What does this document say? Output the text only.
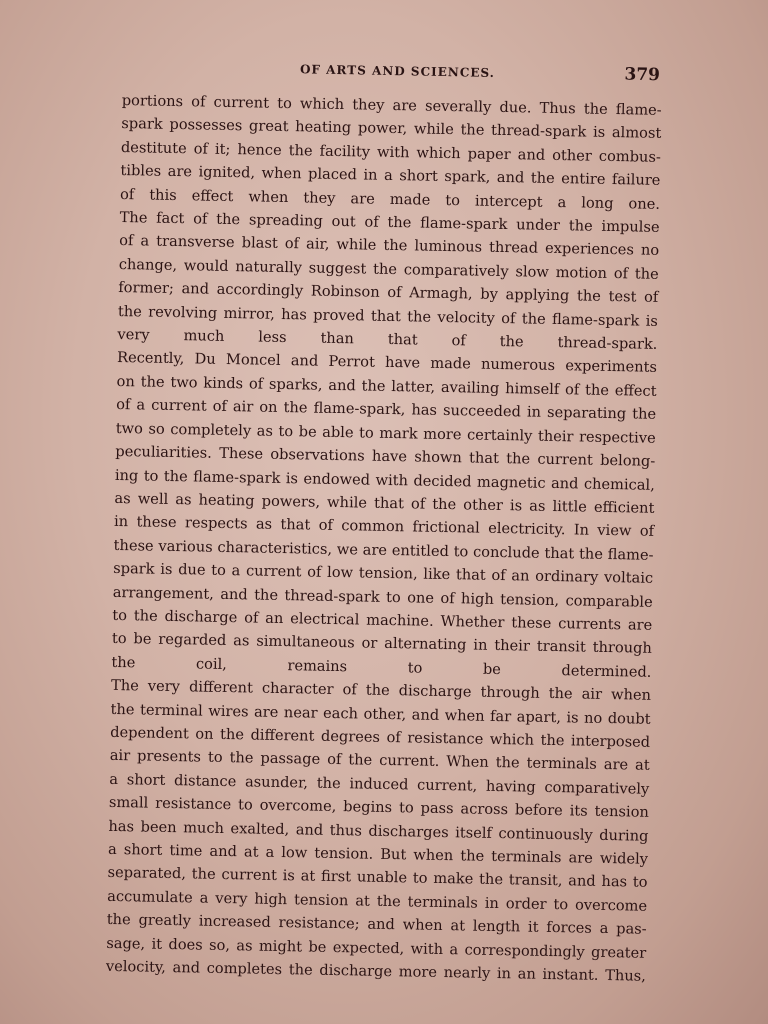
OF ARTS AND SCIENCES.	379

portions of current to which they are severally due. Thus the flame-
spark possesses great heating power, while the thread-spark is almost
destitute of it; hence the facility with which paper and other combus-
tibles are ignited, when placed in a short spark, and the entire failure
of this effect when they are made to intercept a long one.

The fact of the spreading out of the flame-spark under the impulse
of a transverse blast of air, while the luminous thread experiences no
change, would naturally suggest the comparatively slow motion of the
former; and accordingly Robinson of Armagh, by applying the test of
the revolving mirror, has proved that the velocity of the flame-spark is
very much less than that of the thread-spark.

Recently, Du Moncel and Perrot have made numerous experiments
on the two kinds of sparks, and the latter, availing himself of the effect
of a current of air on the flame-spark, has succeeded in separating the
two so completely as to be able to mark more certainly their respective
peculiarities. These observations have shown that the current belong-
ing to the flame-spark is endowed with decided magnetic and chemical,
as well as heating powers, while that of the other is as little efficient
in these respects as that of common frictional electricity. In view of
these various characteristics, we are entitled to conclude that the flame-
spark is due to a current of low tension, like that of an ordinary voltaic
arrangement, and the thread-spark to one of high tension, comparable
to the discharge of an electrical machine. Whether these currents are
to be regarded as simultaneous or alternating in their transit through
the coil, remains to be determined.

The very different character of the discharge through the air when
the terminal wires are near each other, and when far apart, is no doubt
dependent on the different degrees of resistance which the interposed
air presents to the passage of the current. When the terminals are at
a short distance asunder, the induced current, having comparatively
small resistance to overcome, begins to pass across before its tension
has been much exalted, and thus discharges itself continuously during
a short time and at a low tension. But when the terminals are widely
separated, the current is at first unable to make the transit, and has to
accumulate a very high tension at the terminals in order to overcome
the greatly increased resistance; and when at length it forces a pas-
sage, it does so, as might be expected, with a correspondingly greater
velocity, and completes the discharge more nearly in an instant. Thus,
